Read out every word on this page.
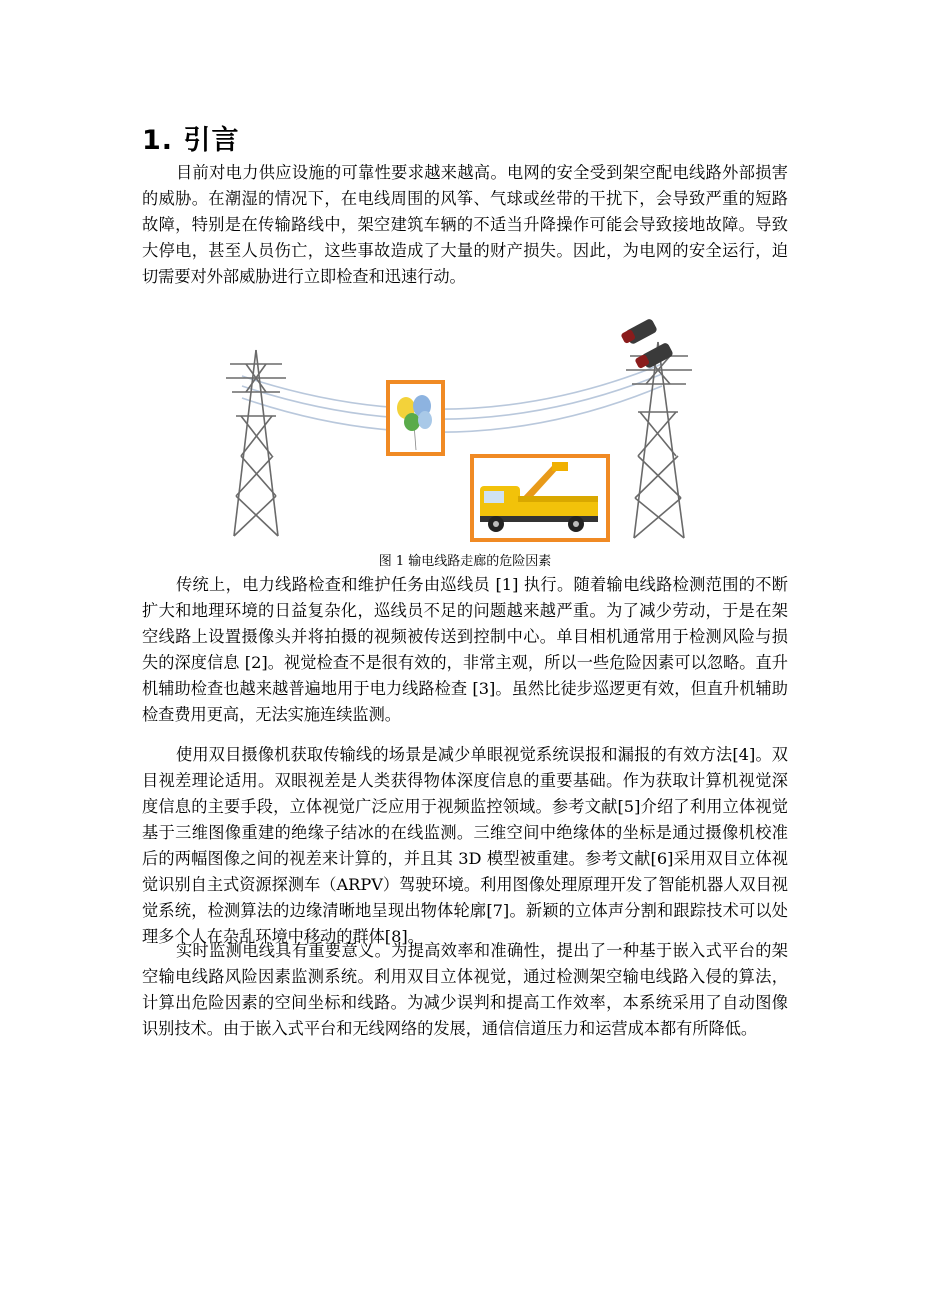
1. 引言

目前对电力供应设施的可靠性要求越来越高。电网的安全受到架空配电线路外部损害的威胁。在潮湿的情况下，在电线周围的风筝、气球或丝带的干扰下，会导致严重的短路故障，特别是在传输路线中，架空建筑车辆的不适当升降操作可能会导致接地故障。导致大停电，甚至人员伤亡，这些事故造成了大量的财产损失。因此，为电网的安全运行，迫切需要对外部威胁进行立即检查和迅速行动。

图 1 输电线路走廊的危险因素

传统上，电力线路检查和维护任务由巡线员 [1] 执行。随着输电线路检测范围的不断扩大和地理环境的日益复杂化，巡线员不足的问题越来越严重。为了减少劳动，于是在架空线路上设置摄像头并将拍摄的视频被传送到控制中心。单目相机通常用于检测风险与损失的深度信息 [2]。视觉检查不是很有效的，非常主观，所以一些危险因素可以忽略。直升机辅助检查也越来越普遍地用于电力线路检查 [3]。虽然比徒步巡逻更有效，但直升机辅助检查费用更高，无法实施连续监测。

使用双目摄像机获取传输线的场景是减少单眼视觉系统误报和漏报的有效方法[4]。双目视差理论适用。双眼视差是人类获得物体深度信息的重要基础。作为获取计算机视觉深度信息的主要手段，立体视觉广泛应用于视频监控领域。参考文献[5]介绍了利用立体视觉基于三维图像重建的绝缘子结冰的在线监测。三维空间中绝缘体的坐标是通过摄像机校准后的两幅图像之间的视差来计算的，并且其 3D 模型被重建。参考文献[6]采用双目立体视觉识别自主式资源探测车（ARPV）驾驶环境。利用图像处理原理开发了智能机器人双目视觉系统，检测算法的边缘清晰地呈现出物体轮廓[7]。新颖的立体声分割和跟踪技术可以处理多个人在杂乱环境中移动的群体[8]。

实时监测电线具有重要意义。为提高效率和准确性，提出了一种基于嵌入式平台的架空输电线路风险因素监测系统。利用双目立体视觉，通过检测架空输电线路入侵的算法，计算出危险因素的空间坐标和线路。为减少误判和提高工作效率，本系统采用了自动图像识别技术。由于嵌入式平台和无线网络的发展，通信信道压力和运营成本都有所降低。
